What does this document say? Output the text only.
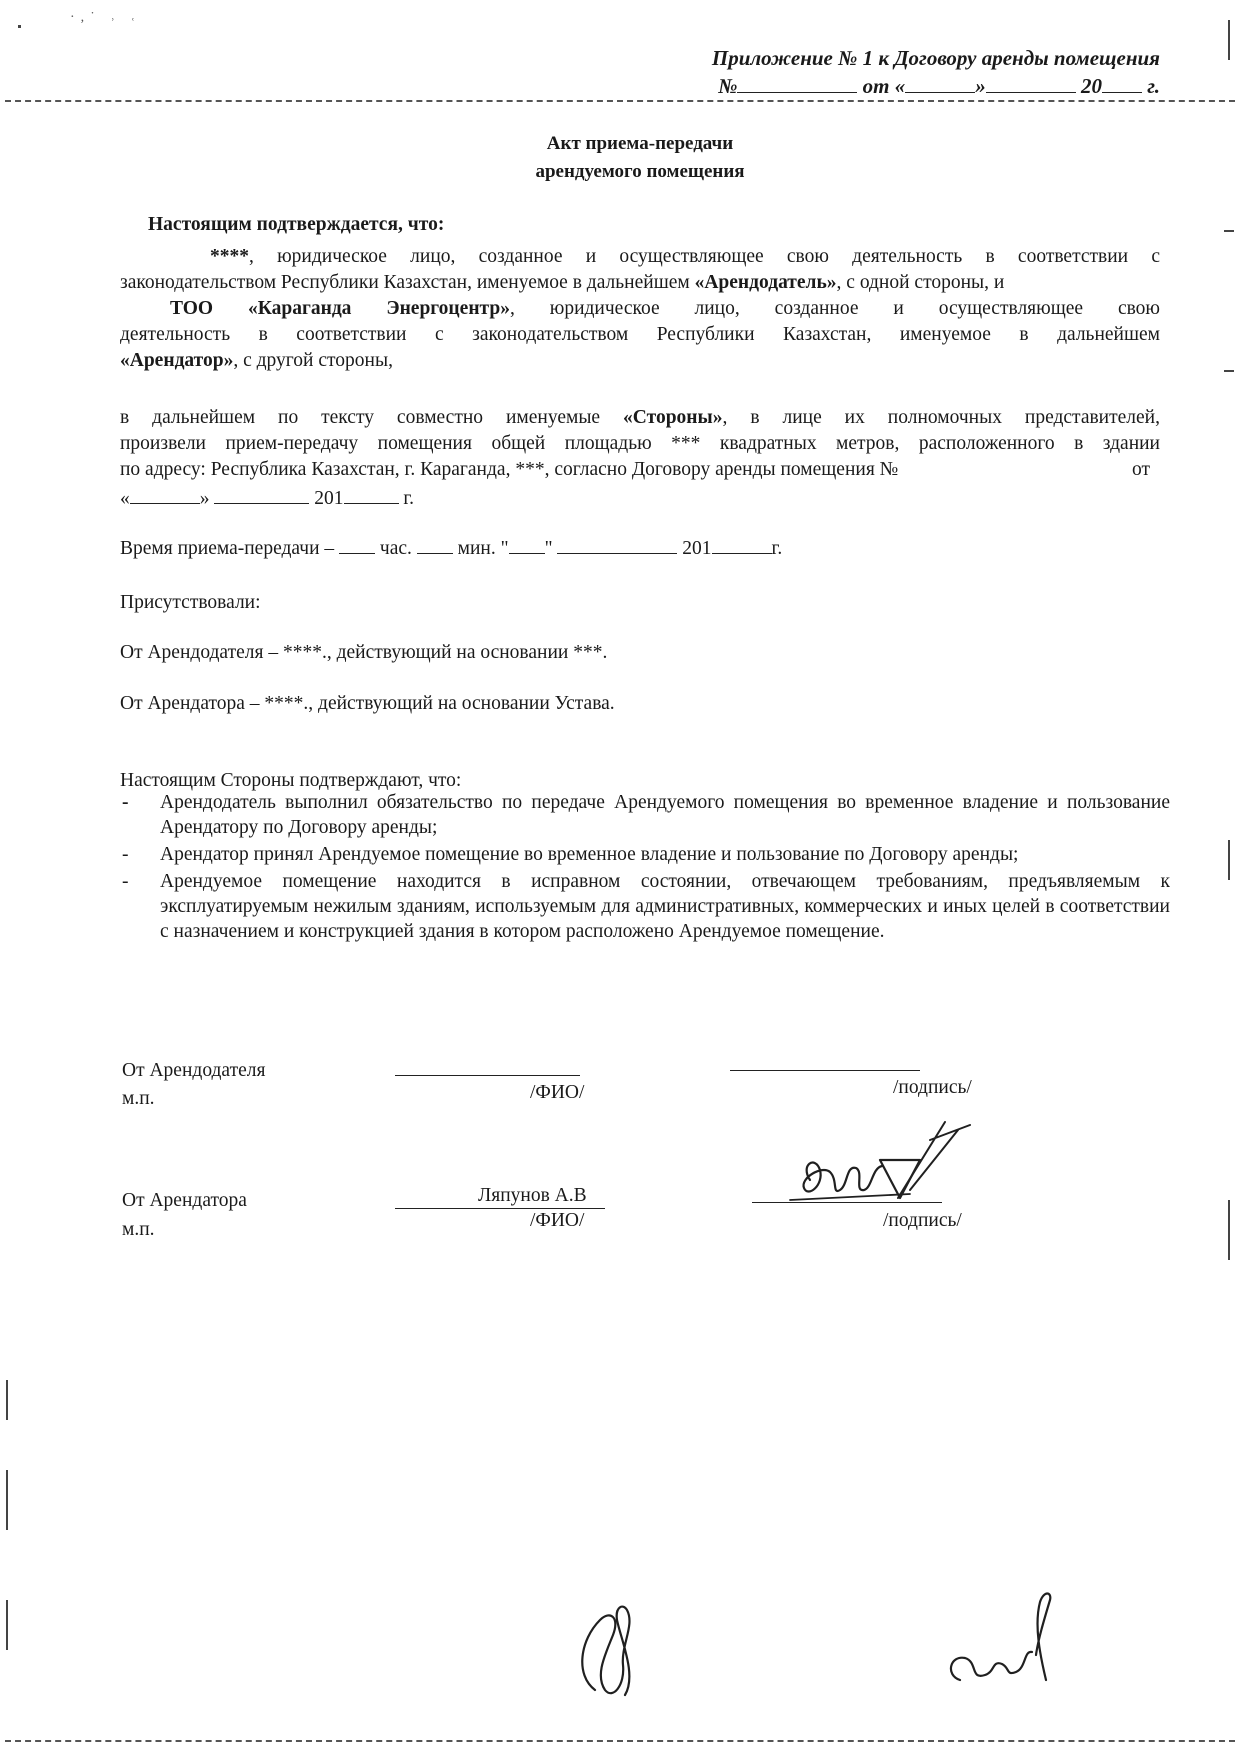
·,˙ ˒ ˓
Приложение № 1 к Договору аренды помещения
№	от «	»	20 г.
Акт приема-передачи
арендуемого помещения
Настоящим подтверждается, что:
****, юридическое лицо, созданное и осуществляющее свою деятельность в соответствии с
законодательством Республики Казахстан, именуемое в дальнейшем «Арендодатель», с одной стороны, и
ТОО «Караганда Энергоцентр», юридическое лицо, созданное и осуществляющее свою
деятельность в соответствии с законодательством Республики Казахстан, именуемое в дальнейшем
«Арендатор», с другой стороны,
в дальнейшем по тексту совместно именуемые «Стороны», в лице их полномочных представителей,
произвели прием-передачу помещения общей площадью *** квадратных метров, расположенного в здании
по адресу: Республика Казахстан, г. Караганда, ***, согласно Договору аренды помещения №	от
«	»	201	г.
Время приема-передачи – час. мин. " "	201	г.
Присутствовали:
От Арендодателя – ****., действующий на основании ***.
От Арендатора – ****., действующий на основании Устава.
Настоящим Стороны подтверждают, что:
- Арендодатель выполнил обязательство по передаче Арендуемого помещения во временное владение и пользование Арендатору по Договору аренды;
- Арендатор принял Арендуемое помещение во временное владение и пользование по Договору аренды;
- Арендуемое помещение находится в исправном состоянии, отвечающем требованиям, предъявляемым к эксплуатируемым нежилым зданиям, используемым для административных, коммерческих и иных целей в соответствии с назначением и конструкцией здания в котором расположено Арендуемое помещение.
От Арендодателя
м.п.	/ФИО/	/подпись/
От Арендатора
м.п.
Ляпунов А.В
/ФИО/	/подпись/
